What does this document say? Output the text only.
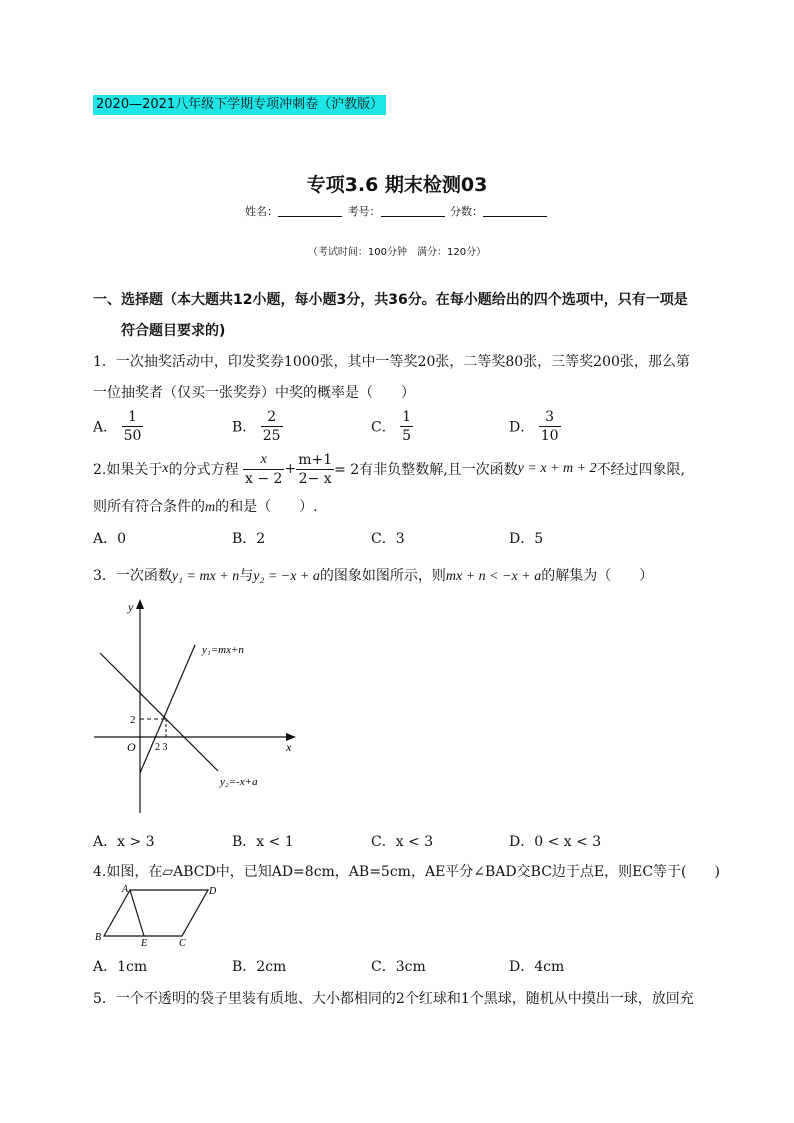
2020—2021八年级下学期专项冲刺卷（沪教版）
专项3.6 期末检测03
姓名：	考号：	分数：
（考试时间：100分钟　满分：120分）
一、选择题（本大题共12小题，每小题3分，共36分。在每小题给出的四个选项中，只有一项是
符合题目要求的)
1．一次抽奖活动中，印发奖券1000张，其中一等奖20张，二等奖80张，三等奖200张，那么第
一位抽奖者（仅买一张奖券）中奖的概率是（　　）
A． $\frac{1}{50}$	B． $\frac{2}{25}$	C． $\frac{1}{5}$	D． $\frac{3}{10}$
2.如果关于x的分式方程 $\frac{x}{x - 2} + \frac{m+1}{2- x} = 2$有非负整数解,且一次函数y = x + m + 2不经过四象限,
则所有符合条件的m的和是（　　）.
A．0	B．2	C．3	D．5
3．一次函数y₁ = mx + n与y₂ = −x + a的图象如图所示，则mx + n < −x + a的解集为（　　）
y
x
O
2
2 3
y₁=mx+n
y₂=-x+a
A．x > 3	B．x < 1	C．x < 3	D．0 < x < 3
4.如图，在▱ABCD中，已知AD=8cm，AB=5cm，AE平分∠BAD交BC边于点E，则EC等于(　　)
A	D
B
E	C
A．1cm	B．2cm	C．3cm	D．4cm
5．一个不透明的袋子里装有质地、大小都相同的2个红球和1个黑球，随机从中摸出一球，放回充
